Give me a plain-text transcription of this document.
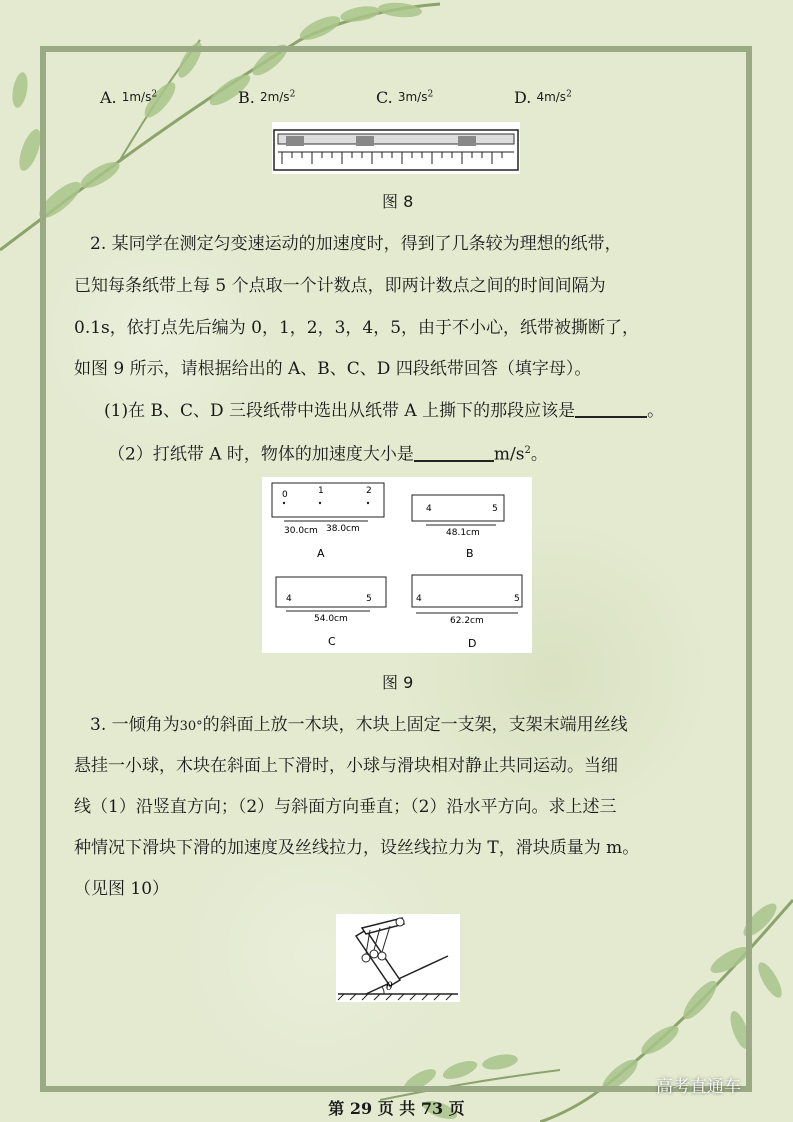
A. $1m/s^2$	B. $2m/s^2$	C. $3m/s^2$	D. $4m/s^2$
图 8
2. 某同学在测定匀变速运动的加速度时，得到了几条较为理想的纸带，
已知每条纸带上每 5 个点取一个计数点，即两计数点之间的时间间隔为
0.1s，依打点先后编为 0，1，2，3，4，5，由于不小心，纸带被撕断了，
如图 9 所示，请根据给出的 A、B、C、D 四段纸带回答（填字母）。
(1)在 B、C、D 三段纸带中选出从纸带 A 上撕下的那段应该是	。
（2）打纸带 A 时，物体的加速度大小是	$m/s^2$。
0	1	2
30.0cm 38.0cm
A
4	5
48.1cm
B
4	5
54.0cm
C
4	5
62.2cm
D
图 9
3. 一倾角为30°的斜面上放一木块，木块上固定一支架，支架末端用丝线
悬挂一小球，木块在斜面上下滑时，小球与滑块相对静止共同运动。当细
线（1）沿竖直方向；（2）与斜面方向垂直；（2）沿水平方向。求上述三
种情况下滑块下滑的加速度及丝线拉力，设丝线拉力为 T，滑块质量为 m。
（见图 10）
θ
第 29 页 共 73 页
高考直通车
